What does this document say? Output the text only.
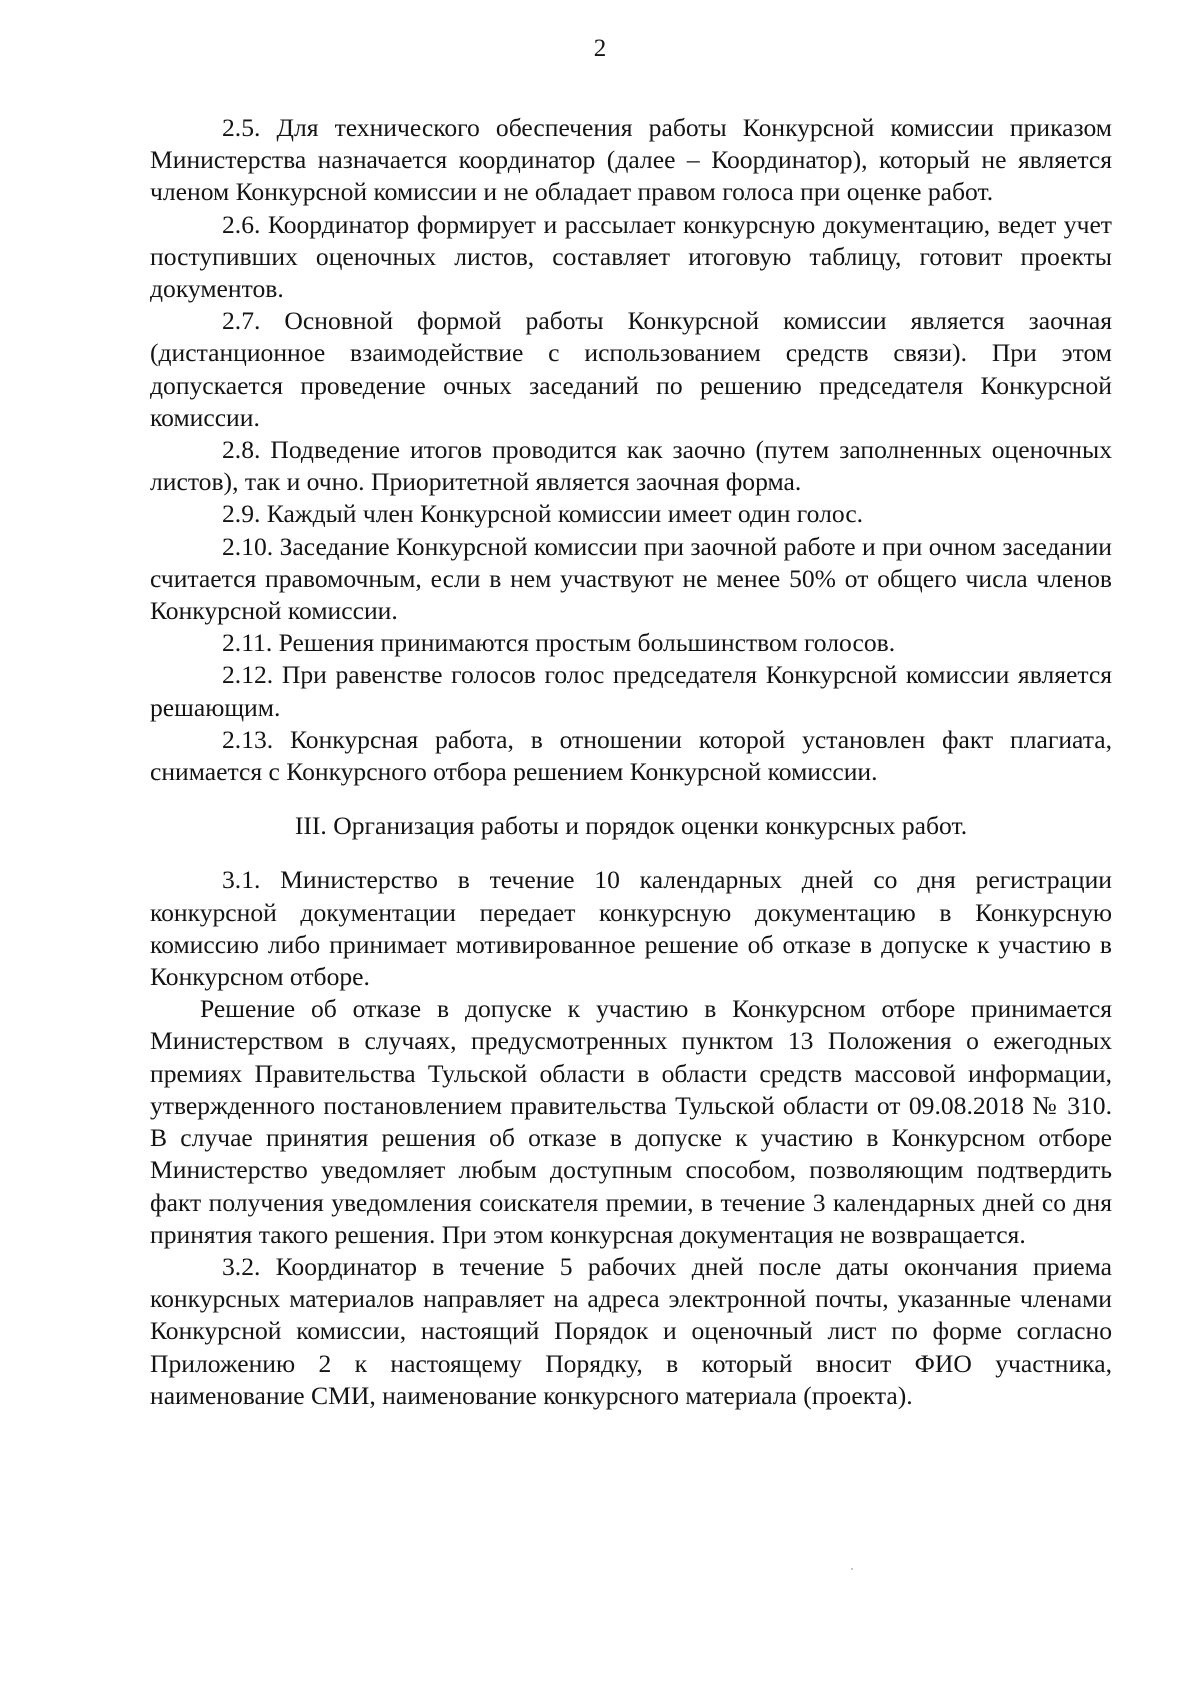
2

2.5. Для технического обеспечения работы Конкурсной комиссии приказом Министерства назначается координатор (далее – Координатор), который не является членом Конкурсной комиссии и не обладает правом голоса при оценке работ.

2.6. Координатор формирует и рассылает конкурсную документацию, ведет учет поступивших оценочных листов, составляет итоговую таблицу, готовит проекты документов.

2.7. Основной формой работы Конкурсной комиссии является заочная (дистанционное взаимодействие с использованием средств связи). При этом допускается проведение очных заседаний по решению председателя Конкурсной комиссии.

2.8. Подведение итогов проводится как заочно (путем заполненных оценочных листов), так и очно. Приоритетной является заочная форма.

2.9. Каждый член Конкурсной комиссии имеет один голос.

2.10. Заседание Конкурсной комиссии при заочной работе и при очном заседании считается правомочным, если в нем участвуют не менее 50% от общего числа членов Конкурсной комиссии.

2.11. Решения принимаются простым большинством голосов.

2.12. При равенстве голосов голос председателя Конкурсной комиссии является решающим.

2.13. Конкурсная работа, в отношении которой установлен факт плагиата, снимается с Конкурсного отбора решением Конкурсной комиссии.

III. Организация работы и порядок оценки конкурсных работ.

3.1. Министерство в течение 10 календарных дней со дня регистрации конкурсной документации передает конкурсную документацию в Конкурсную комиссию либо принимает мотивированное решение об отказе в допуске к участию в Конкурсном отборе.

Решение об отказе в допуске к участию в Конкурсном отборе принимается Министерством в случаях, предусмотренных пунктом 13 Положения о ежегодных премиях Правительства Тульской области в области средств массовой информации, утвержденного постановлением правительства Тульской области от 09.08.2018 № 310. В случае принятия решения об отказе в допуске к участию в Конкурсном отборе Министерство уведомляет любым доступным способом, позволяющим подтвердить факт получения уведомления соискателя премии, в течение 3 календарных дней со дня принятия такого решения. При этом конкурсная документация не возвращается.

3.2. Координатор в течение 5 рабочих дней после даты окончания приема конкурсных материалов направляет на адреса электронной почты, указанные членами Конкурсной комиссии, настоящий Порядок и оценочный лист по форме согласно Приложению 2 к настоящему Порядку, в который вносит ФИО участника, наименование СМИ, наименование конкурсного материала (проекта).
